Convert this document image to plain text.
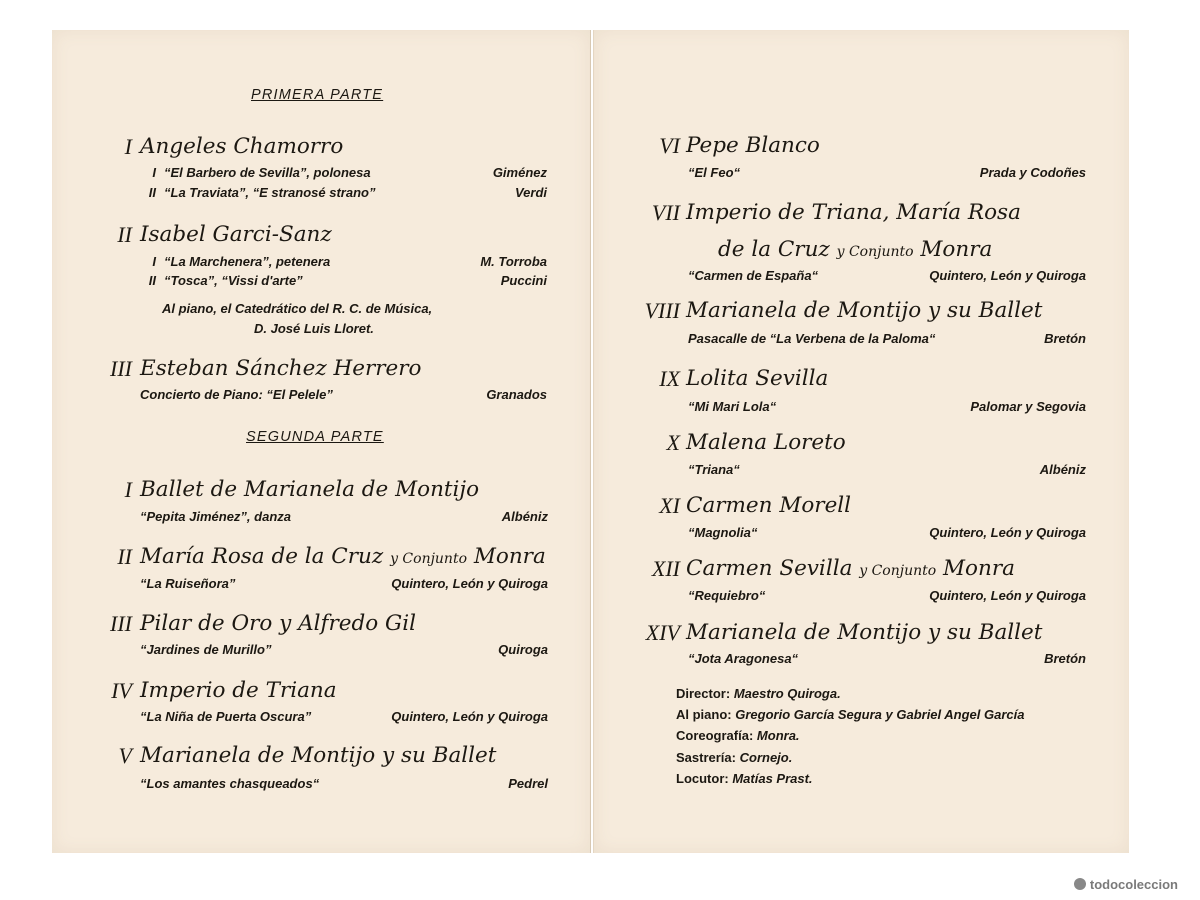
PRIMERA PARTE
I Angeles Chamorro
I “El Barbero de Sevilla”, polonesa	Giménez
II “La Traviata”, “E stranosé strano”	Verdi
II Isabel Garci-Sanz
I “La Marchenera”, petenera	M. Torroba
II “Tosca”, “Vissi d'arte”	Puccini
Al piano, el Catedrático del R. C. de Música,
D. José Luis Lloret.
III Esteban Sánchez Herrero
Concierto de Piano: “El Pelele”	Granados
SEGUNDA PARTE
I Ballet de Marianela de Montijo
“Pepita Jiménez”, danza	Albéniz
II María Rosa de la Cruz y Conjunto Monra
“La Ruiseñora”	Quintero, León y Quiroga
III Pilar de Oro y Alfredo Gil
“Jardines de Murillo”	Quiroga
IV Imperio de Triana
“La Niña de Puerta Oscura”	Quintero, León y Quiroga
V Marianela de Montijo y su Ballet
“Los amantes chasqueados“	Pedrel
VI Pepe Blanco
“El Feo“	Prada y Codoñes
VII Imperio de Triana, María Rosa
de la Cruz y Conjunto Monra
“Carmen de España“	Quintero, León y Quiroga
VIII Marianela de Montijo y su Ballet
Pasacalle de “La Verbena de la Paloma“	Bretón
IX Lolita Sevilla
“Mi Mari Lola“	Palomar y Segovia
X Malena Loreto
“Triana“	Albéniz
XI Carmen Morell
“Magnolia“	Quintero, León y Quiroga
XII Carmen Sevilla y Conjunto Monra
“Requiebro“	Quintero, León y Quiroga
XIV Marianela de Montijo y su Ballet
“Jota Aragonesa“	Bretón
Director: Maestro Quiroga.
Al piano: Gregorio García Segura y Gabriel Angel García
Coreografía: Monra.
Sastrería: Cornejo.
Locutor: Matías Prast.
todocoleccion
